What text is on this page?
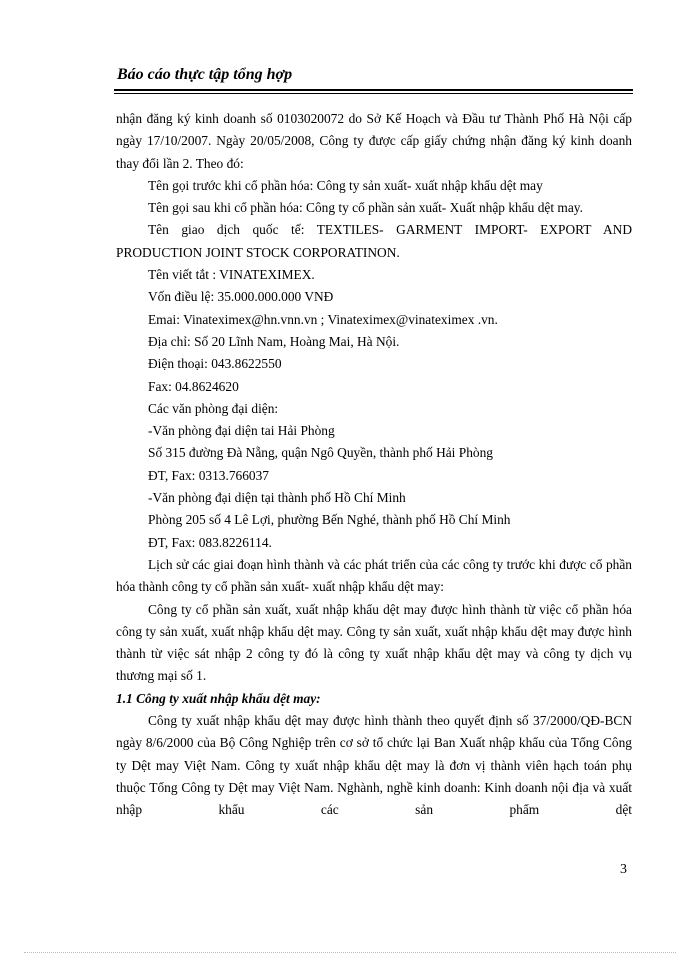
Báo cáo thực tập tổng hợp

nhận đăng ký kinh doanh số 0103020072 do Sở Kế Hoạch và Đầu tư Thành Phố Hà Nội cấp ngày 17/10/2007. Ngày 20/05/2008, Công ty được cấp giấy chứng nhận đăng ký kinh doanh thay đổi lần 2. Theo đó:

Tên gọi trước khi cổ phần hóa: Công ty sản xuất- xuất nhập khẩu dệt may

Tên gọi sau khi cổ phần hóa: Công ty cổ phần sản xuất- Xuất nhập khẩu dệt may.

Tên giao dịch quốc tế: TEXTILES- GARMENT IMPORT- EXPORT AND PRODUCTION JOINT STOCK CORPORATINON.

Tên viết tắt : VINATEXIMEX.

Vốn điều lệ: 35.000.000.000 VNĐ

Emai: Vinateximex@hn.vnn.vn ; Vinateximex@vinateximex .vn.

Địa chỉ: Số 20 Lĩnh Nam, Hoàng Mai, Hà Nội.

Điện thoại: 043.8622550

Fax: 04.8624620

Các văn phòng đại diện:

-Văn phòng đại diện tai Hải Phòng

Số 315 đường Đà Nẵng, quận Ngô Quyền, thành phố Hải Phòng

ĐT, Fax: 0313.766037

-Văn phòng đại diện tại thành phố Hồ Chí Minh

Phòng 205 số 4 Lê Lợi, phường Bến Nghé, thành phố Hồ Chí Minh

ĐT, Fax: 083.8226114.

Lịch sử các giai đoạn hình thành và các phát triển của các công ty trước khi được cổ phần hóa thành công ty cổ phần sản xuất- xuất nhập khẩu dệt may:

Công ty cổ phần sản xuất, xuất nhập khẩu dệt may được hình thành từ việc cổ phần hóa công ty sản xuất, xuất nhập khẩu dệt may. Công ty sản xuất, xuất nhập khẩu dệt may được hình thành từ việc sát nhập 2 công ty đó là công ty xuất nhập khẩu dệt may và công ty dịch vụ thương mại số 1.

1.1 Công ty xuất nhập khẩu dệt may:

Công ty xuất nhập khẩu dệt may được hình thành theo quyết định số 37/2000/QĐ-BCN ngày 8/6/2000 của Bộ Công Nghiệp trên cơ sở tổ chức lại Ban Xuất nhập khẩu của Tổng Công ty Dệt may Việt Nam. Công ty xuất nhập khẩu dệt may là đơn vị thành viên hạch toán phụ thuộc Tổng Công ty Dệt may Việt Nam. Nghành, nghề kinh doanh: Kinh doanh nội địa và xuất nhập khẩu các sản phẩm dệt

3
